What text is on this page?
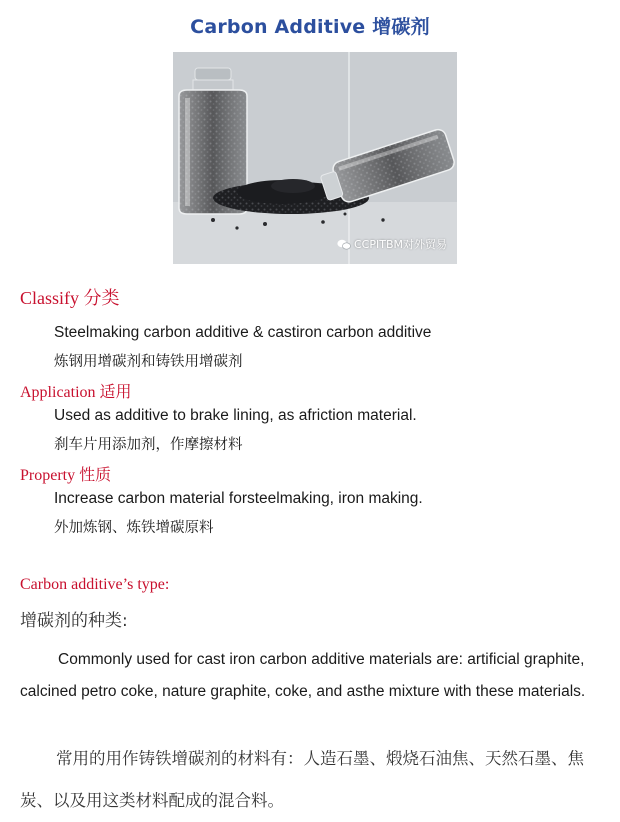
Carbon Additive 增碳剂
CCPITBM对外贸易
Classify 分类
Steelmaking carbon additive & castiron carbon additive
炼钢用增碳剂和铸铁用增碳剂
Application 适用
Used as additive to brake lining, as afriction material.
刹车片用添加剂，作摩擦材料
Property 性质
Increase carbon material forsteelmaking, iron making.
外加炼钢、炼铁增碳原料
Carbon additive’s type:
增碳剂的种类:
Commonly used for cast iron carbon additive materials are: artificial graphite, calcined petro coke, nature graphite, coke, and asthe mixture with these materials.
常用的用作铸铁增碳剂的材料有：人造石墨、煅烧石油焦、天然石墨、焦炭、以及用这类材料配成的混合料。
